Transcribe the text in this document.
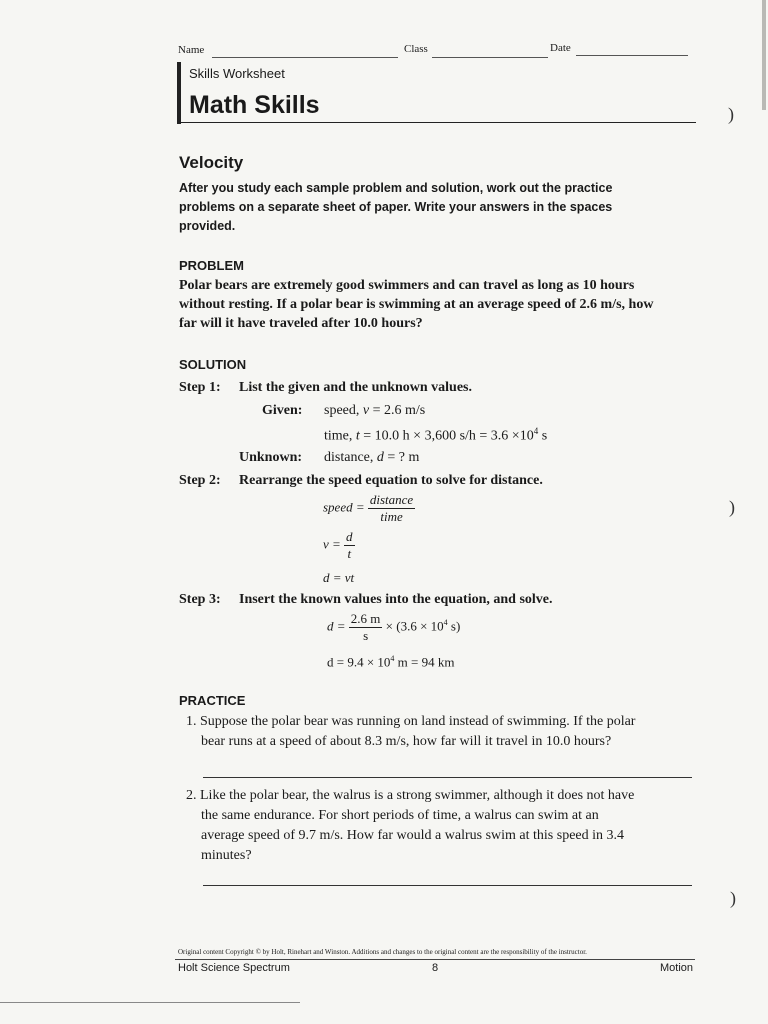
Name	Class	Date
Skills Worksheet
Math Skills
Velocity
After you study each sample problem and solution, work out the practice
problems on a separate sheet of paper. Write your answers in the spaces
provided.
PROBLEM
Polar bears are extremely good swimmers and can travel as long as 10 hours
without resting. If a polar bear is swimming at an average speed of 2.6 m/s, how
far will it have traveled after 10.0 hours?
SOLUTION
Step 1: List the given and the unknown values.
Given: speed, v = 2.6 m/s
time, t = 10.0 h × 3,600 $s/h = 3.6 \times 10^4$ s
Unknown: distance, d = ? m
Step 2: Rearrange the speed equation to solve for distance.
speed = $\frac{\text{distance}}{\text{time}}$
$v = \frac{d}{t}$
d = vt
Step 3: Insert the known values into the equation, and solve.
$d = \frac{2.6 m}{s} \times (3.6 \times 10^4$ s)
$d = 9.4 \times 10^4$ m = 94 km
PRACTICE
1. Suppose the polar bear was running on land instead of swimming. If the polar
bear runs at a speed of about 8.3 m/s, how far will it travel in 10.0 hours?
2. Like the polar bear, the walrus is a strong swimmer, although it does not have
the same endurance. For short periods of time, a walrus can swim at an
average speed of 9.7 m/s. How far would a walrus swim at this speed in 3.4
minutes?
Original content Copyright © by Holt, Rinehart and Winston. Additions and changes to the original content are the responsibility of the instructor.
Holt Science Spectrum	8	Motion
)
)
)
